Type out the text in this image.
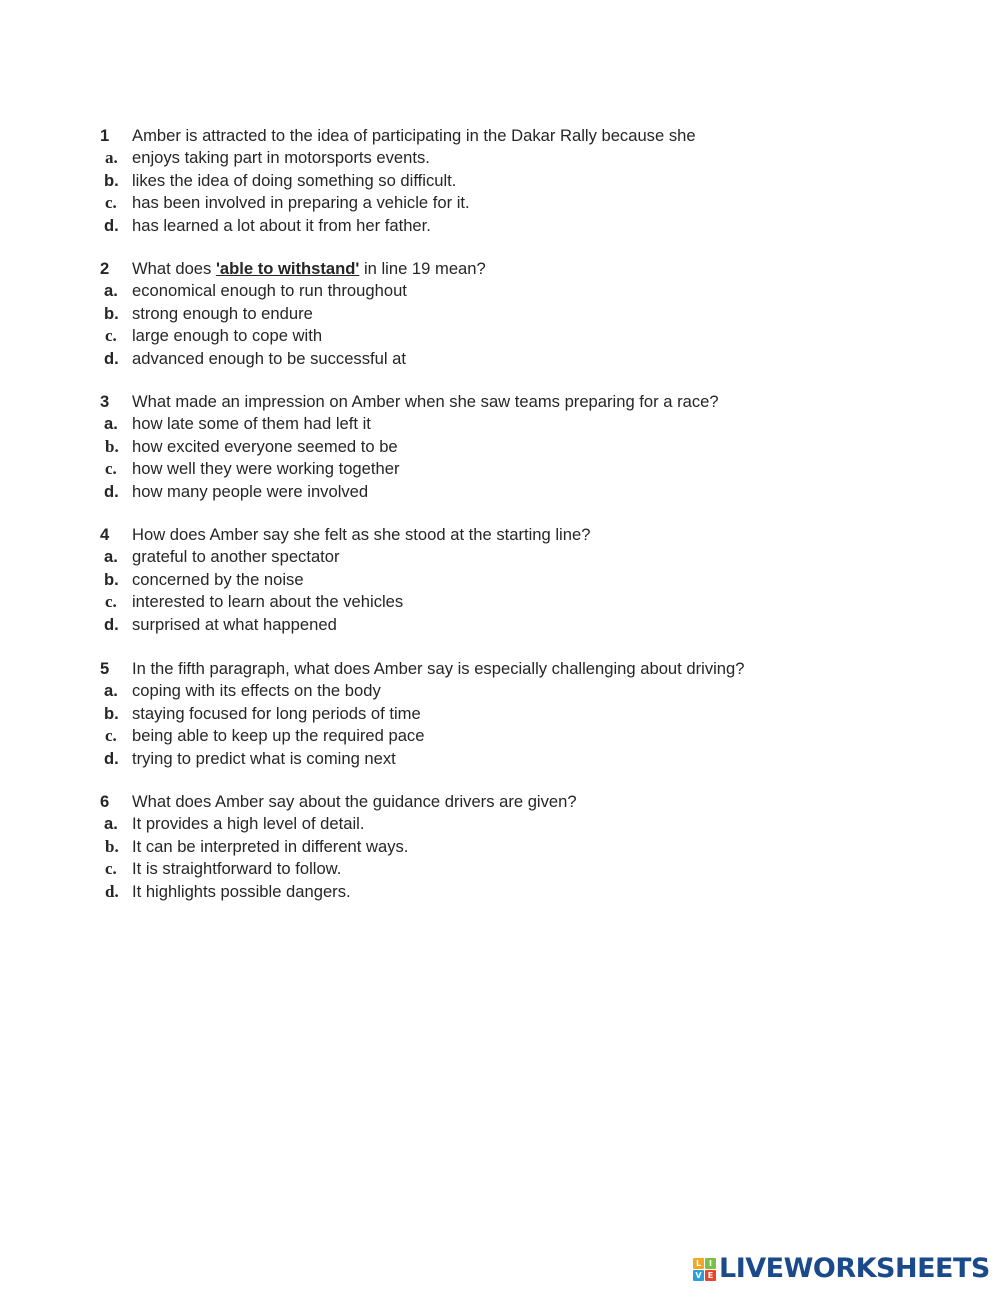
1	Amber is attracted to the idea of participating in the Dakar Rally because she
a. enjoys taking part in motorsports events.
b. likes the idea of doing something so difficult.
c. has been involved in preparing a vehicle for it.
d. has learned a lot about it from her father.
2	What does 'able to withstand' in line 19 mean?
a. economical enough to run throughout
b. strong enough to endure
c. large enough to cope with
d. advanced enough to be successful at
3	What made an impression on Amber when she saw teams preparing for a race?
a. how late some of them had left it
b. how excited everyone seemed to be
c. how well they were working together
d. how many people were involved
4	How does Amber say she felt as she stood at the starting line?
a. grateful to another spectator
b. concerned by the noise
c. interested to learn about the vehicles
d. surprised at what happened
5	In the fifth paragraph, what does Amber say is especially challenging about driving?
a. coping with its effects on the body
b. staying focused for long periods of time
c. being able to keep up the required pace
d. trying to predict what is coming next
6	What does Amber say about the guidance drivers are given?
a. It provides a high level of detail.
b. It can be interpreted in different ways.
c. It is straightforward to follow.
d. It highlights possible dangers.
L I
V E LIVEWORKSHEETS
